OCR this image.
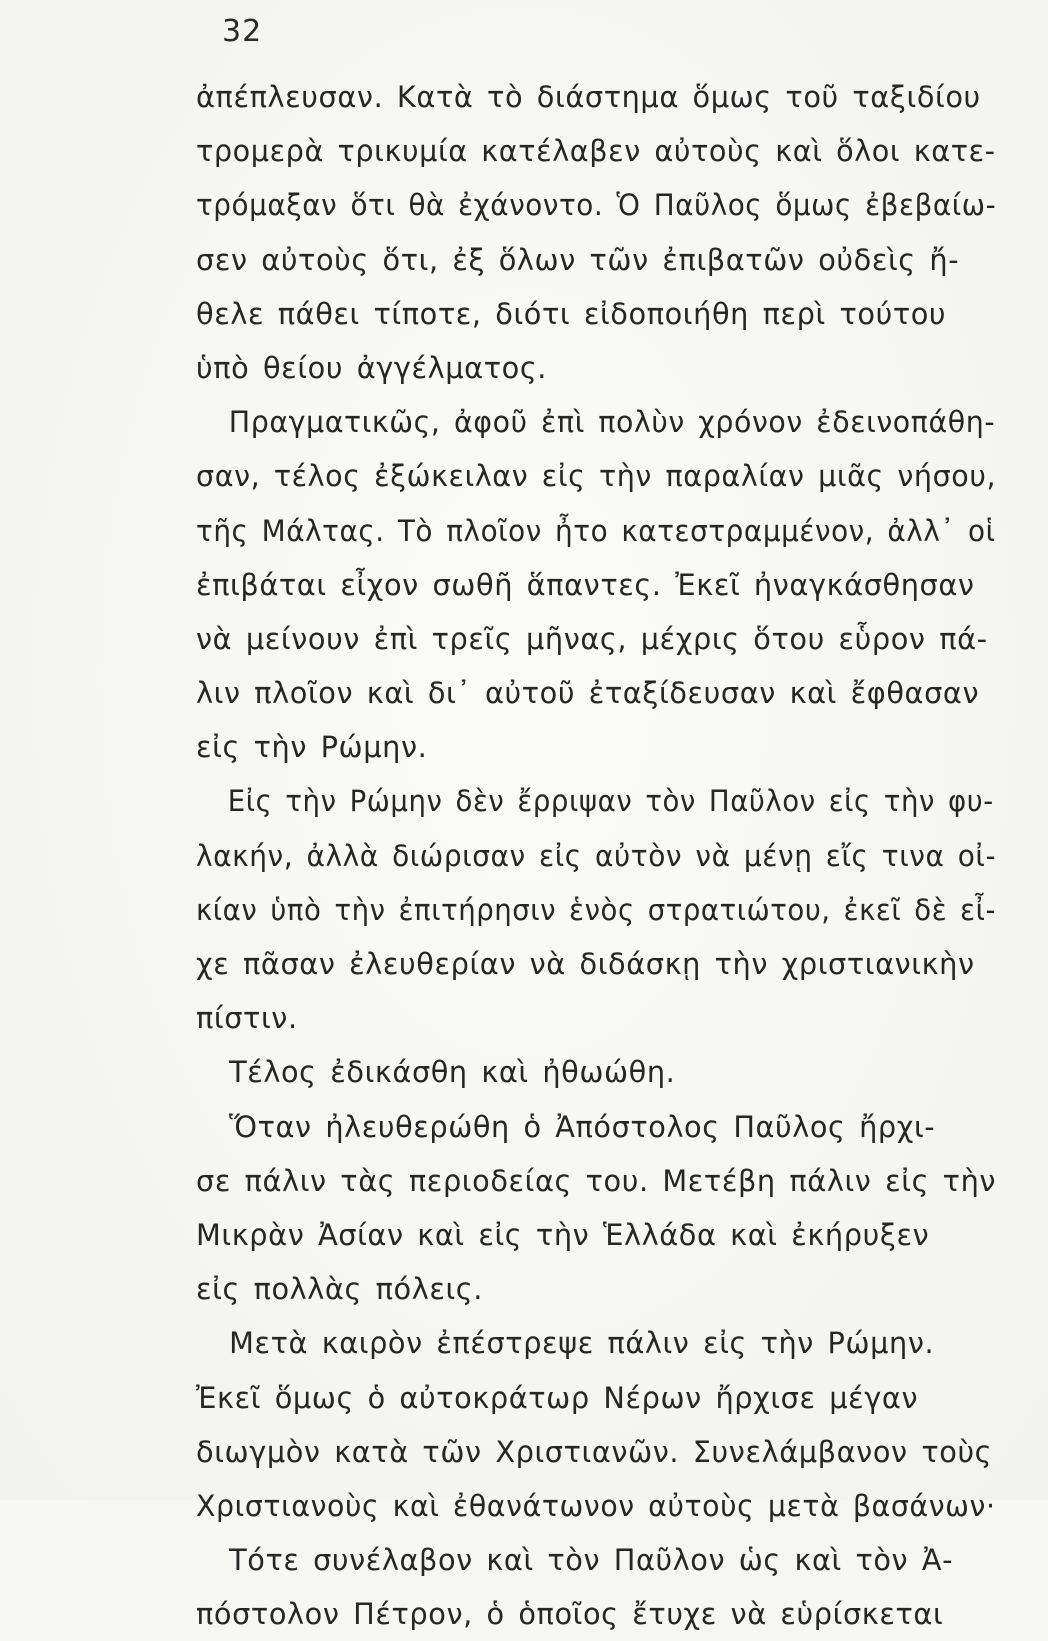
32
ἀπέπλευσαν. Κατὰ τὸ διάστημα ὅμως τοῦ ταξιδίου
τρομερὰ τρικυμία κατέλαβεν αὐτοὺς καὶ ὅλοι κατε-
τρόμαξαν ὅτι θὰ ἐχάνοντο. Ὁ Παῦλος ὅμως ἐβεβαίω-
σεν αὐτοὺς ὅτι, ἐξ ὅλων τῶν ἐπιβατῶν οὐδεὶς ἤ-
θελε πάθει τίποτε, διότι εἰδοποιήθη περὶ τούτου
ὑπὸ θείου ἀγγέλματος.
Πραγματικῶς, ἀφοῦ ἐπὶ πολὺν χρόνον ἐδεινοπάθη-
σαν, τέλος ἐξώκειλαν εἰς τὴν παραλίαν μιᾶς νήσου,
τῆς Μάλτας. Τὸ πλοῖον ἦτο κατεστραμμένον, ἀλλ᾽ οἱ
ἐπιβάται εἶχον σωθῆ ἅπαντες. Ἐκεῖ ἠναγκάσθησαν
νὰ μείνουν ἐπὶ τρεῖς μῆνας, μέχρις ὅτου εὗρον πά-
λιν πλοῖον καὶ δι᾽ αὐτοῦ ἐταξίδευσαν καὶ ἔφθασαν
εἰς τὴν Ρώμην.
Εἰς τὴν Ρώμην δὲν ἔρριψαν τὸν Παῦλον εἰς τὴν φυ-
λακήν, ἀλλὰ διώρισαν εἰς αὐτὸν νὰ μένῃ εἴς τινα οἰ-
κίαν ὑπὸ τὴν ἐπιτήρησιν ἑνὸς στρατιώτου, ἐκεῖ δὲ εἶ-
χε πᾶσαν ἐλευθερίαν νὰ διδάσκῃ τὴν χριστιανικὴν
πίστιν.
Τέλος ἐδικάσθη καὶ ἠθωώθη.
Ὅταν ἠλευθερώθη ὁ Ἀπόστολος Παῦλος ἤρχι-
σε πάλιν τὰς περιοδείας του. Μετέβη πάλιν εἰς τὴν
Μικρὰν Ἀσίαν καὶ εἰς τὴν Ἑλλάδα καὶ ἐκήρυξεν
εἰς πολλὰς πόλεις.
Μετὰ καιρὸν ἐπέστρεψε πάλιν εἰς τὴν Ρώμην.
Ἐκεῖ ὅμως ὁ αὐτοκράτωρ Νέρων ἤρχισε μέγαν
διωγμὸν κατὰ τῶν Χριστιανῶν. Συνελάμβανον τοὺς
Χριστιανοὺς καὶ ἐθανάτωνον αὐτοὺς μετὰ βασάνων·
Τότε συνέλαβον καὶ τὸν Παῦλον ὡς καὶ τὸν Ἀ-
πόστολον Πέτρον, ὁ ὁποῖος ἔτυχε νὰ εὑρίσκεται
